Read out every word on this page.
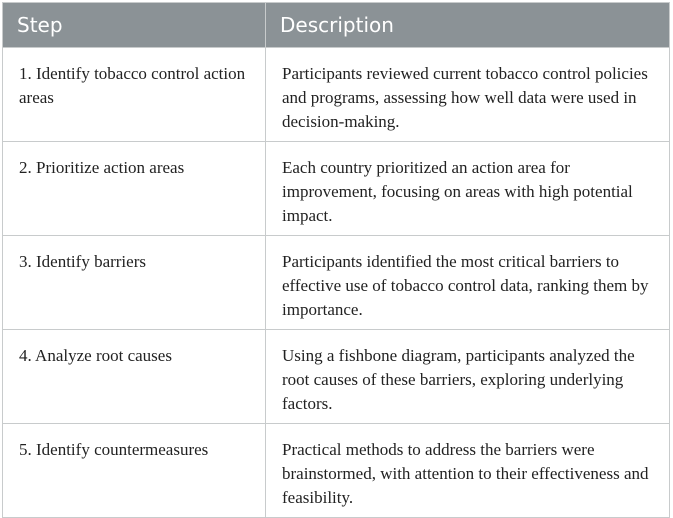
Step	Description
1. Identify tobacco control action areas	Participants reviewed current tobacco control policies and programs, assessing how well data were used in decision-making.
2. Prioritize action areas	Each country prioritized an action area for improvement, focusing on areas with high potential impact.
3. Identify barriers	Participants identified the most critical barriers to effective use of tobacco control data, ranking them by importance.
4. Analyze root causes	Using a fishbone diagram, participants analyzed the root causes of these barriers, exploring underlying factors.
5. Identify countermeasures	Practical methods to address the barriers were brainstormed, with attention to their effectiveness and feasibility.
